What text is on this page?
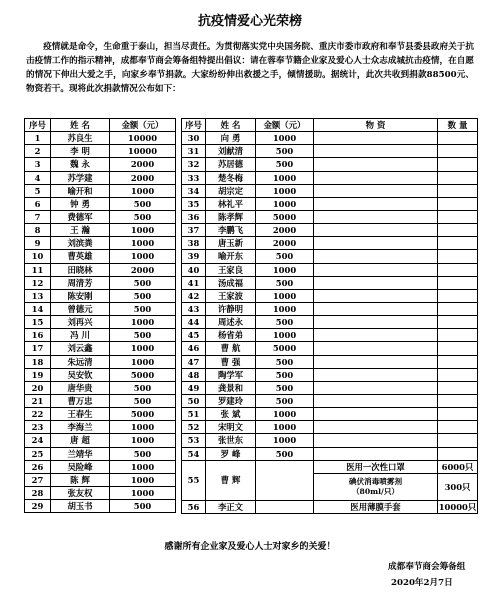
抗疫情爱心光荣榜
疫情就是命令，生命重于泰山，担当尽责任。为贯彻落实党中央国务院、重庆市委市政府和奉节县委县政府关于抗击疫情工作的指示精神，成都奉节商会筹备组特提出倡议：请在蓉奉节籍企业家及爱心人士众志成城抗击疫情，在自愿的情况下伸出大爱之手，向家乡奉节捐款。大家纷纷伸出救援之手，倾情援助。据统计，此次共收到捐款88500元、物资若干。现将此次捐款情况公布如下：
序号	姓 名	金额（元）
1	苏良生	10000
2	李 明	10000
3	魏 永	2000
4	苏学建	2000
5	喻开和	1000
6	钟 勇	500
7	费德军	500
8	王 瀚	1000
9	刘滨粪	1000
10	曹英雄	1000
11	田晓林	2000
12	周清芳	500
13	陈安刚	500
14	曾德元	500
15	刘再兴	1000
16	冯 川	500
17	刘云鑫	1000
18	朱远清	1000
19	吴安钦	5000
20	唐华贵	500
21	曹万忠	500
22	王春生	5000
23	李海兰	1000
24	唐 超	1000
25	兰靖华	500
26	吴险峰	1000
27	陈 辉	1000
28	张友权	1000
29	胡玉书	500
序号	姓 名	金额（元）	物 资	数 量
30	向 勇	1000		
31	刘献清	500		
32	苏居德	500		
33	楚冬梅	1000		
34	胡宗定	1000		
35	林礼平	1000		
36	陈孝辉	5000		
37	李鹏飞	2000		
38	唐玉新	2000		
39	喻开东	500		
40	王家良	1000		
41	汤成福	500		
42	王家波	1000		
43	许静明	1000		
44	周述永	500		
45	杨省弟	1000		
46	曹 航	5000		
47	曹 强	500		
48	陶学军	500		
49	龚景和	500		
50	罗建玲	500		
51	张 斌	1000		
52	宋明文	1000		
53	张世东	1000		
54	罗 峰	500		
55	曹 辉		医用一次性口罩	6000只

			碘伏消毒喷雾剂
（80ml/只）	300只

56	李正文		医用薄膜手套	10000只
感谢所有企业家及爱心人士对家乡的关爱！
成都奉节商会筹备组
2020年2月7日
